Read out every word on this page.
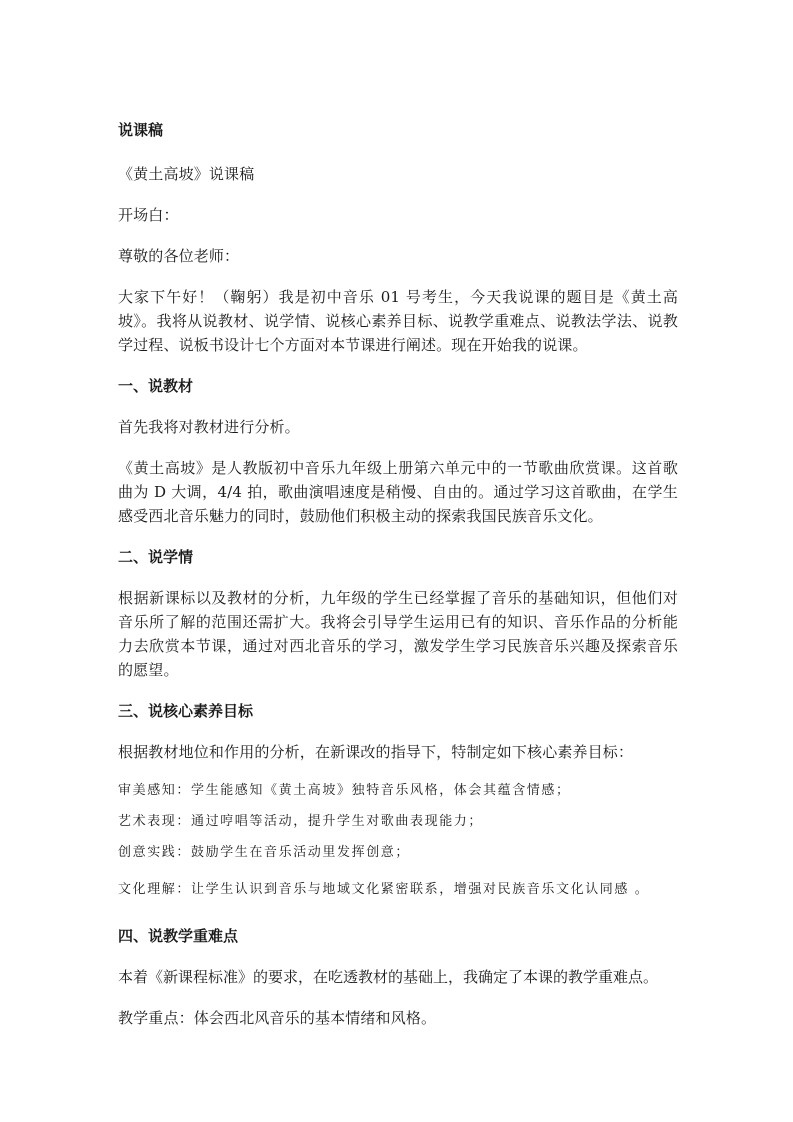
说课稿
《黄土高坡》说课稿
开场白：
尊敬的各位老师：
大家下午好！（鞠躬）我是初中音乐 01 号考生，今天我说课的题目是《黄土高坡》。我将从说教材、说学情、说核心素养目标、说教学重难点、说教法学法、说教学过程、说板书设计七个方面对本节课进行阐述。现在开始我的说课。
一、说教材
首先我将对教材进行分析。
《黄土高坡》是人教版初中音乐九年级上册第六单元中的一节歌曲欣赏课。这首歌曲为 D 大调，4/4 拍，歌曲演唱速度是稍慢、自由的。通过学习这首歌曲，在学生感受西北音乐魅力的同时，鼓励他们积极主动的探索我国民族音乐文化。
二、说学情
根据新课标以及教材的分析，九年级的学生已经掌握了音乐的基础知识，但他们对音乐所了解的范围还需扩大。我将会引导学生运用已有的知识、音乐作品的分析能力去欣赏本节课，通过对西北音乐的学习，激发学生学习民族音乐兴趣及探索音乐的愿望。
三、说核心素养目标
根据教材地位和作用的分析，在新课改的指导下，特制定如下核心素养目标：
审美感知：学生能感知《黄土高坡》独特音乐风格，体会其蕴含情感；
艺术表现：通过哼唱等活动，提升学生对歌曲表现能力；
创意实践：鼓励学生在音乐活动里发挥创意；
文化理解：让学生认识到音乐与地域文化紧密联系，增强对民族音乐文化认同感 。
四、说教学重难点
本着《新课程标准》的要求，在吃透教材的基础上，我确定了本课的教学重难点。
教学重点：体会西北风音乐的基本情绪和风格。
